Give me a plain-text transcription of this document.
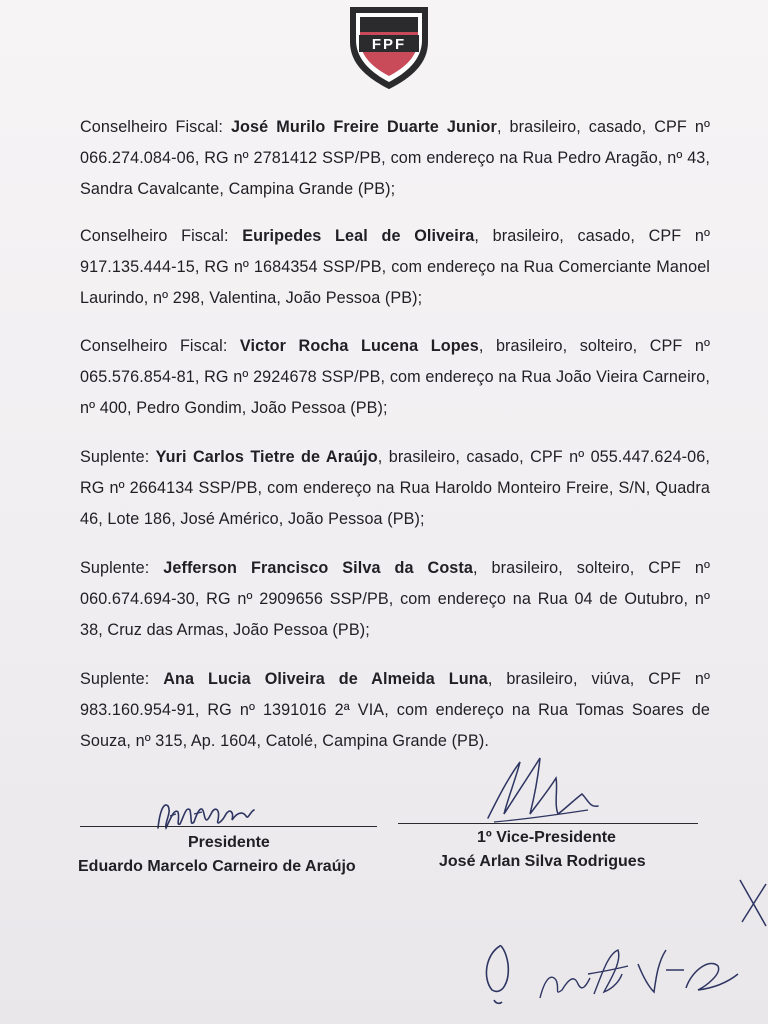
FPF
Conselheiro Fiscal: José Murilo Freire Duarte Junior, brasileiro, casado, CPF nº 066.274.084-06, RG nº 2781412 SSP/PB, com endereço na Rua Pedro Aragão, nº 43, Sandra Cavalcante, Campina Grande (PB);
Conselheiro Fiscal: Euripedes Leal de Oliveira, brasileiro, casado, CPF nº 917.135.444-15, RG nº 1684354 SSP/PB, com endereço na Rua Comerciante Manoel Laurindo, nº 298, Valentina, João Pessoa (PB);
Conselheiro Fiscal: Victor Rocha Lucena Lopes, brasileiro, solteiro, CPF nº 065.576.854-81, RG nº 2924678 SSP/PB, com endereço na Rua João Vieira Carneiro, nº 400, Pedro Gondim, João Pessoa (PB);
Suplente: Yuri Carlos Tietre de Araújo, brasileiro, casado, CPF nº 055.447.624-06, RG nº 2664134 SSP/PB, com endereço na Rua Haroldo Monteiro Freire, S/N, Quadra 46, Lote 186, José Américo, João Pessoa (PB);
Suplente: Jefferson Francisco Silva da Costa, brasileiro, solteiro, CPF nº 060.674.694-30, RG nº 2909656 SSP/PB, com endereço na Rua 04 de Outubro, nº 38, Cruz das Armas, João Pessoa (PB);
Suplente: Ana Lucia Oliveira de Almeida Luna, brasileiro, viúva, CPF nº 983.160.954-91, RG nº 1391016 2ª VIA, com endereço na Rua Tomas Soares de Souza, nº 315, Ap. 1604, Catolé, Campina Grande (PB).
Presidente
Eduardo Marcelo Carneiro de Araújo
1º Vice-Presidente
José Arlan Silva Rodrigues
